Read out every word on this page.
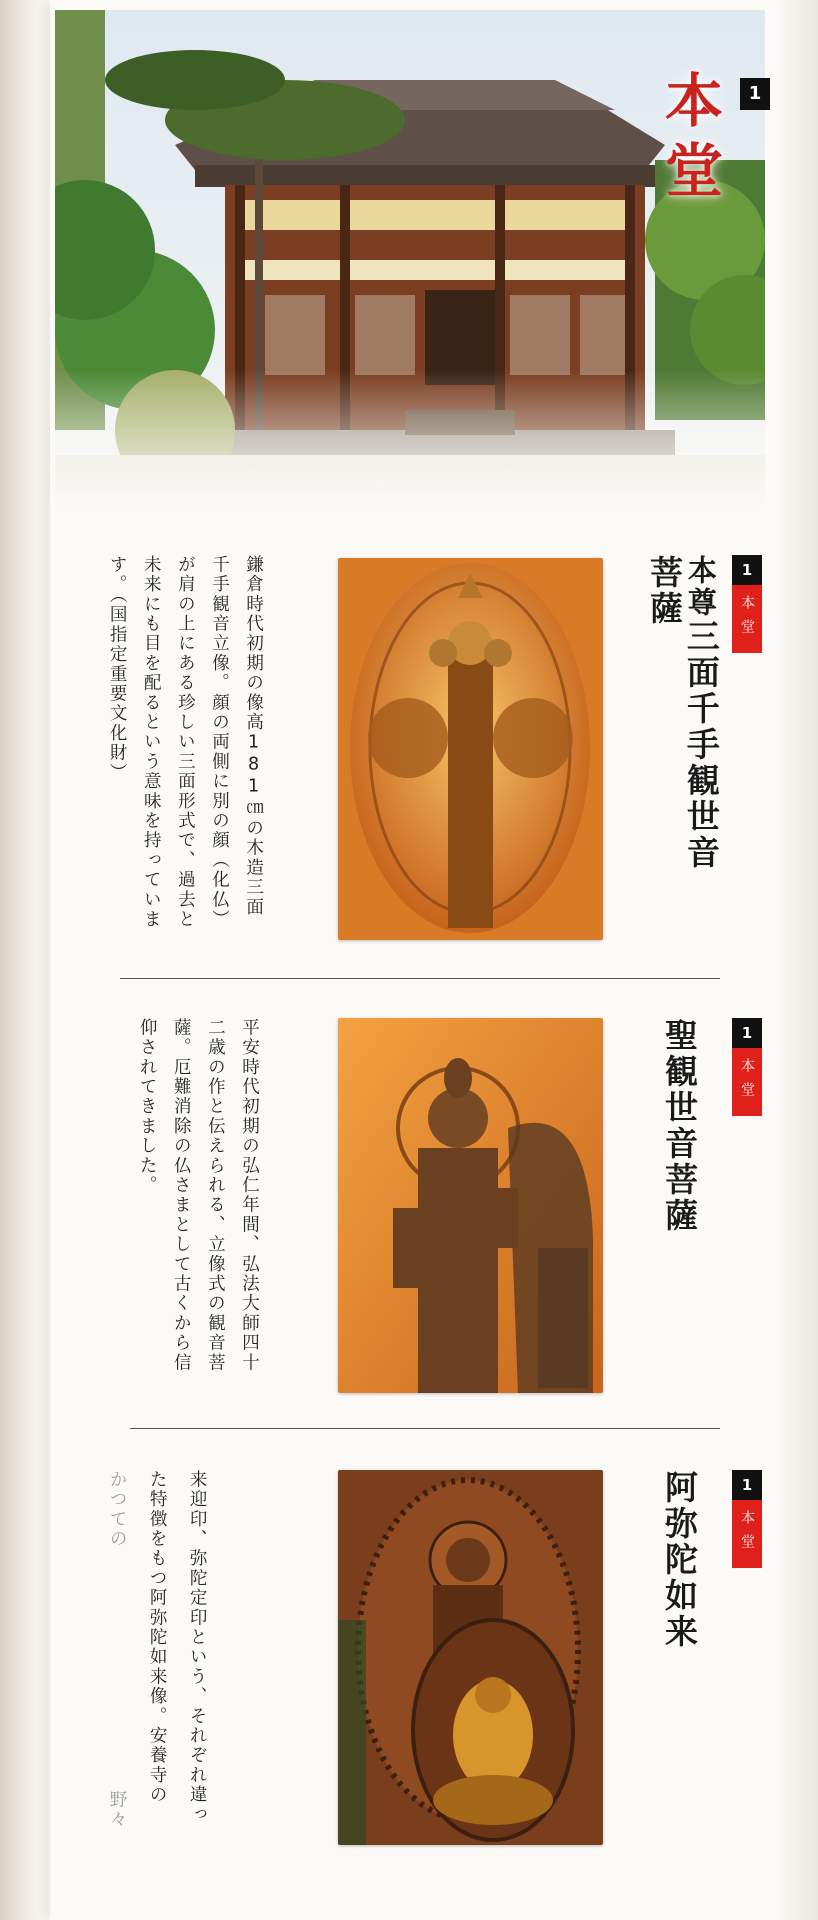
本堂	1
1
本堂
本尊三面千手観世音菩薩
鎌倉時代初期の像高181㎝の木造三面千手観音立像。顔の両側に別の顔（化仏）が肩の上にある珍しい三面形式で、過去と未来にも目を配るという意味を持っています。（国指定重要文化財）
1
本堂
聖観世音菩薩
平安時代初期の弘仁年間、弘法大師四十二歳の作と伝えられる、立像式の観音菩薩。厄難消除の仏さまとして古くから信仰されてきました。
1
本堂
阿弥陀如来
来迎印、弥陀定印という、それぞれ違っ
た特徴をもつ阿弥陀如来像。安養寺の
かつての
野々
